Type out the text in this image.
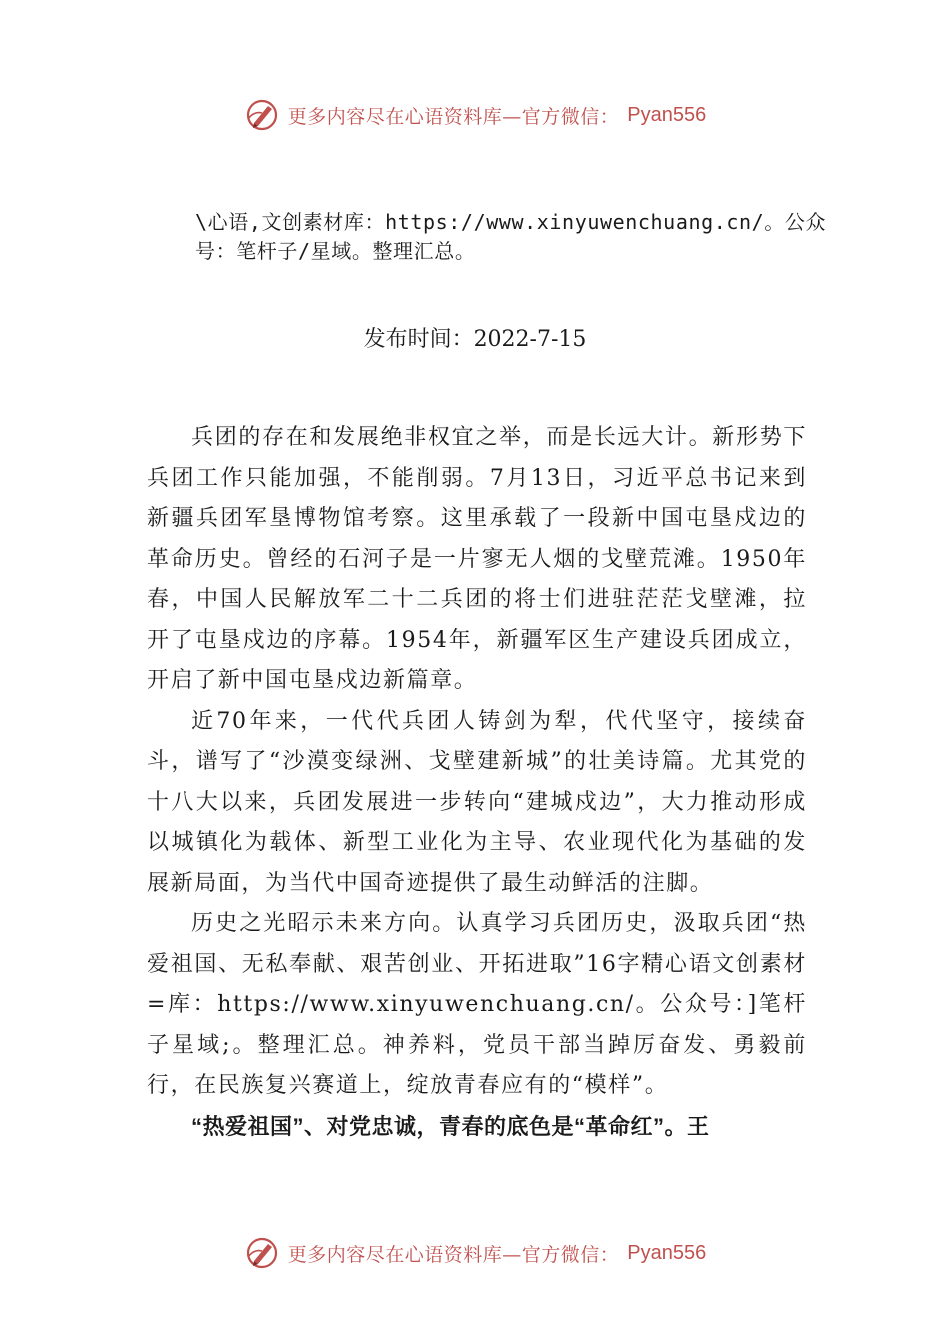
更多内容尽在心语资料库—官方微信： Pyan556
\心语,文创素材库：https://www.xinyuwenchuang.cn/。公众号：笔杆子/星域。整理汇总。
发布时间：2022-7-15

兵团的存在和发展绝非权宜之举，而是长远大计。新形势下兵团工作只能加强，不能削弱。7月13日，习近平总书记来到新疆兵团军垦博物馆考察。这里承载了一段新中国屯垦戍边的革命历史。曾经的石河子是一片寥无人烟的戈壁荒滩。1950年春，中国人民解放军二十二兵团的将士们进驻茫茫戈壁滩，拉开了屯垦戍边的序幕。1954年，新疆军区生产建设兵团成立，开启了新中国屯垦戍边新篇章。

近70年来，一代代兵团人铸剑为犁，代代坚守，接续奋斗，谱写了“沙漠变绿洲、戈壁建新城”的壮美诗篇。尤其党的十八大以来，兵团发展进一步转向“建城戍边”，大力推动形成以城镇化为载体、新型工业化为主导、农业现代化为基础的发展新局面，为当代中国奇迹提供了最生动鲜活的注脚。

历史之光昭示未来方向。认真学习兵团历史，汲取兵团“热爱祖国、无私奉献、艰苦创业、开拓进取”16字精心语文创素材=库：https://www.xinyuwenchuang.cn/。公众号：]笔杆子星域;。整理汇总。神养料，党员干部当踔厉奋发、勇毅前行，在民族复兴赛道上，绽放青春应有的“模样”。

“热爱祖国”、对党忠诚，青春的底色是“革命红”。王

更多内容尽在心语资料库—官方微信： Pyan556
